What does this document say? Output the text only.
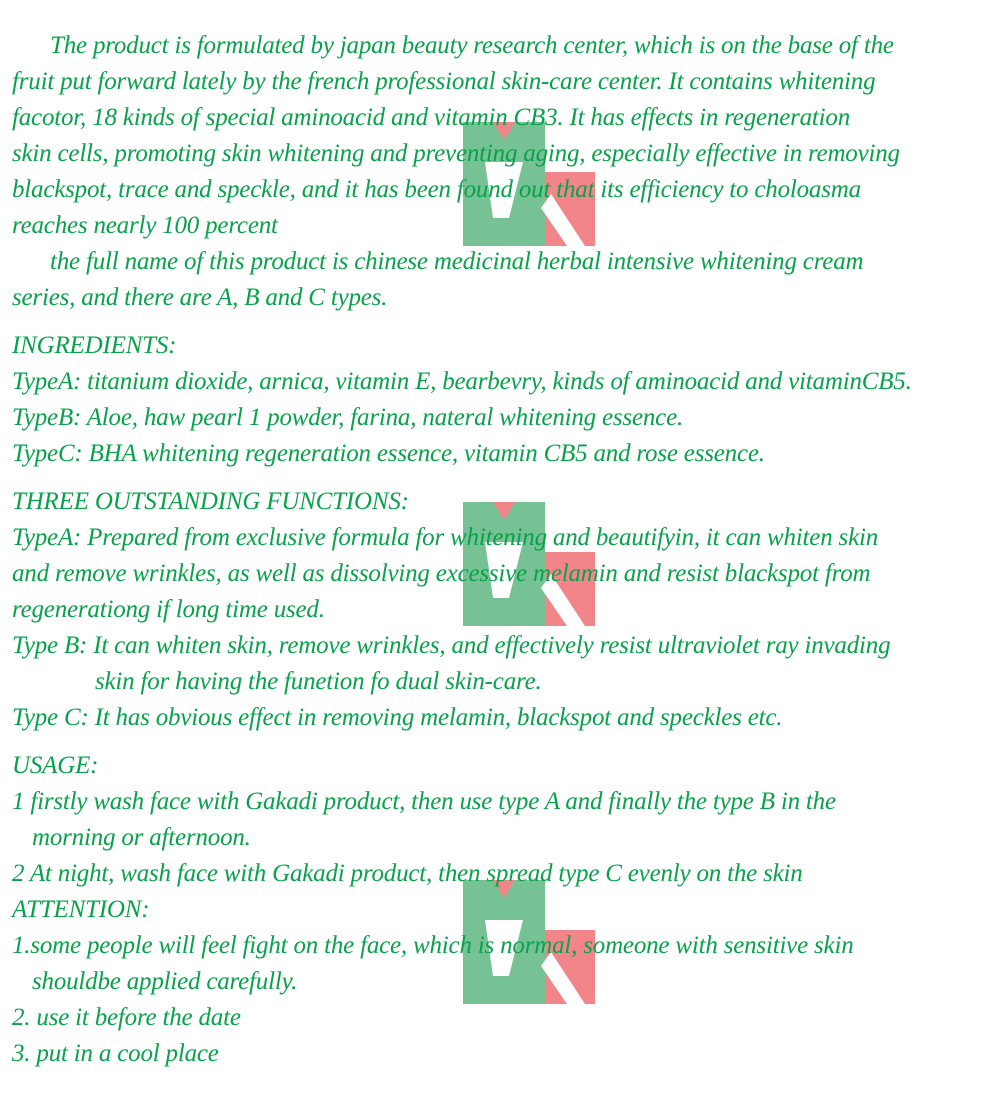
The product is formulated by japan beauty research center, which is on the base of the
fruit put forward lately by the french professional skin-care center. It contains whitening
facotor, 18 kinds of special aminoacid and vitamin CB3. It has effects in regeneration
skin cells, promoting skin whitening and preventing aging, especially effective in removing
blackspot, trace and speckle, and it has been found out that its efficiency to choloasma
reaches nearly 100 percent
the full name of this product is chinese medicinal herbal intensive whitening cream
series, and there are A, B and C types.
INGREDIENTS:
TypeA: titanium dioxide, arnica, vitamin E, bearbevry, kinds of aminoacid and vitaminCB5.
TypeB: Aloe, haw pearl 1 powder, farina, nateral whitening essence.
TypeC: BHA whitening regeneration essence, vitamin CB5 and rose essence.
THREE OUTSTANDING FUNCTIONS:
TypeA: Prepared from exclusive formula for whitening and beautifyin, it can whiten skin
and remove wrinkles, as well as dissolving excessive melamin and resist blackspot from
regenerationg if long time used.
Type B: It can whiten skin, remove wrinkles, and effectively resist ultraviolet ray invading
skin for having the funetion fo dual skin-care.
Type C: It has obvious effect in removing melamin, blackspot and speckles etc.
USAGE:
1 firstly wash face with Gakadi product, then use type A and finally the type B in the
morning or afternoon.
2 At night, wash face with Gakadi product, then spread type C evenly on the skin
ATTENTION:
1.some people will feel fight on the face, which is normal, someone with sensitive skin
shouldbe applied carefully.
2. use it before the date
3. put in a cool place
